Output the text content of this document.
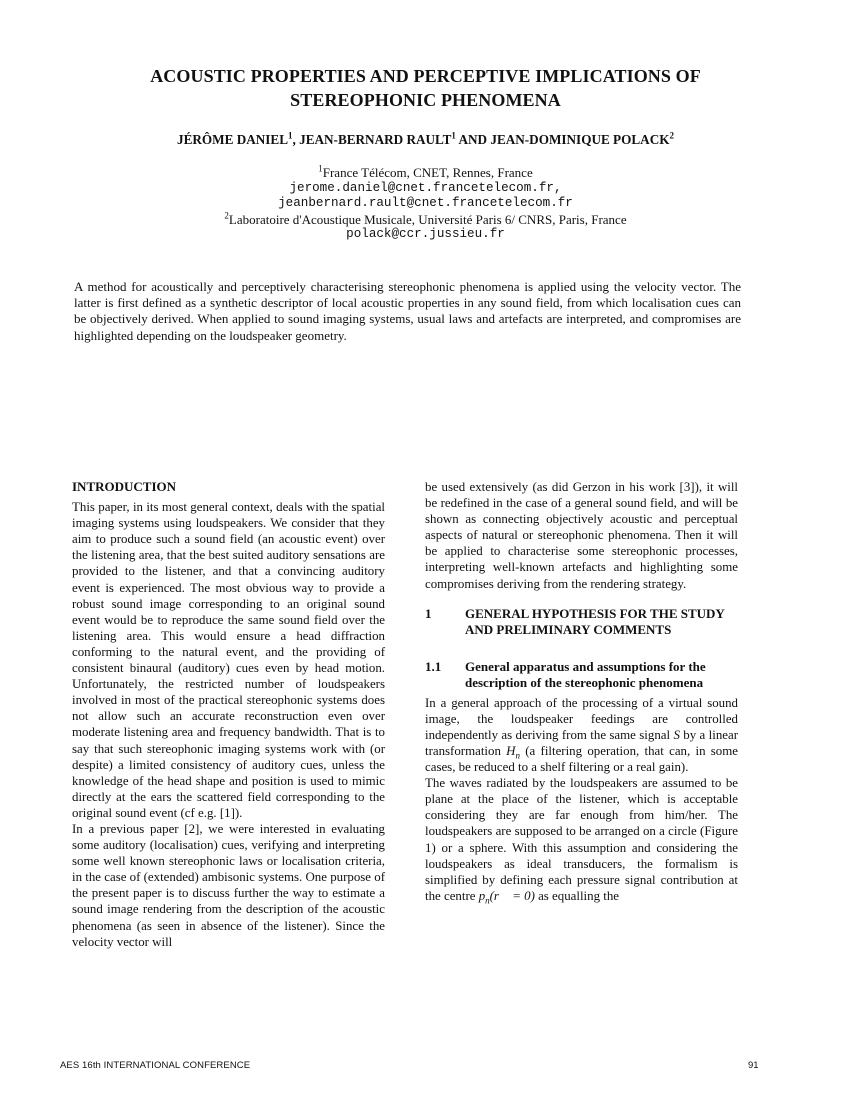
ACOUSTIC PROPERTIES AND PERCEPTIVE IMPLICATIONS OF
STEREOPHONIC PHENOMENA
JÉRÔME DANIEL$^1$, JEAN-BERNARD RAULT$^1$ AND JEAN-DOMINIQUE POLACK$^2$
$^1$France Télécom, CNET, Rennes, France
jerome.daniel@cnet.francetelecom.fr,
jeanbernard.rault@cnet.francetelecom.fr
$^2$Laboratoire d'Acoustique Musicale, Université Paris 6/ CNRS, Paris, France
polack@ccr.jussieu.fr
A method for acoustically and perceptively characterising stereophonic phenomena is applied using the velocity vector. The latter is first defined as a synthetic descriptor of local acoustic properties in any sound field, from which localisation cues can be objectively derived. When applied to sound imaging systems, usual laws and artefacts are interpreted, and compromises are highlighted depending on the loudspeaker geometry.
INTRODUCTION

This paper, in its most general context, deals with the spatial imaging systems using loudspeakers. We consider that they aim to produce such a sound field (an acoustic event) over the listening area, that the best suited auditory sensations are provided to the listener, and that a convincing auditory event is experienced. The most obvious way to provide a robust sound image corresponding to an original sound event would be to reproduce the same sound field over the listening area. This would ensure a head diffraction conforming to the natural event, and the providing of consistent binaural (auditory) cues even by head motion. Unfortunately, the restricted number of loudspeakers involved in most of the practical stereophonic systems does not allow such an accurate reconstruction even over moderate listening area and frequency bandwidth. That is to say that such stereophonic imaging systems work with (or despite) a limited consistency of auditory cues, unless the knowledge of the head shape and position is used to mimic directly at the ears the scattered field corresponding to the original sound event (cf e.g. [1]).

In a previous paper [2], we were interested in evaluating some auditory (localisation) cues, verifying and interpreting some well known stereophonic laws or localisation criteria, in the case of (extended) ambisonic systems. One purpose of the present paper is to discuss further the way to estimate a sound image rendering from the description of the acoustic phenomena (as seen in absence of the listener). Since the velocity vector will

be used extensively (as did Gerzon in his work [3]), it will be redefined in the case of a general sound field, and will be shown as connecting objectively acoustic and perceptual aspects of natural or stereophonic phenomena. Then it will be applied to characterise some stereophonic processes, interpreting well-known artefacts and highlighting some compromises deriving from the rendering strategy.

1	GENERAL HYPOTHESIS FOR THE STUDY AND PRELIMINARY COMMENTS
1.1	General apparatus and assumptions for the description of the stereophonic phenomena

In a general approach of the processing of a virtual sound image, the loudspeaker feedings are controlled independently as deriving from the same signal S by a linear transformation $H_n$ (a filtering operation, that can, in some cases, be reduced to a shelf filtering or a real gain).

The waves radiated by the loudspeakers are assumed to be plane at the place of the listener, which is acceptable considering they are far enough from him/her. The loudspeakers are supposed to be arranged on a circle (Figure 1) or a sphere. With this assumption and considering the loudspeakers as ideal transducers, the formalism is simplified by defining each pressure signal contribution at the centre $p_n(r⃗ = 0)$ as equalling the

AES 16th INTERNATIONAL CONFERENCE	91
